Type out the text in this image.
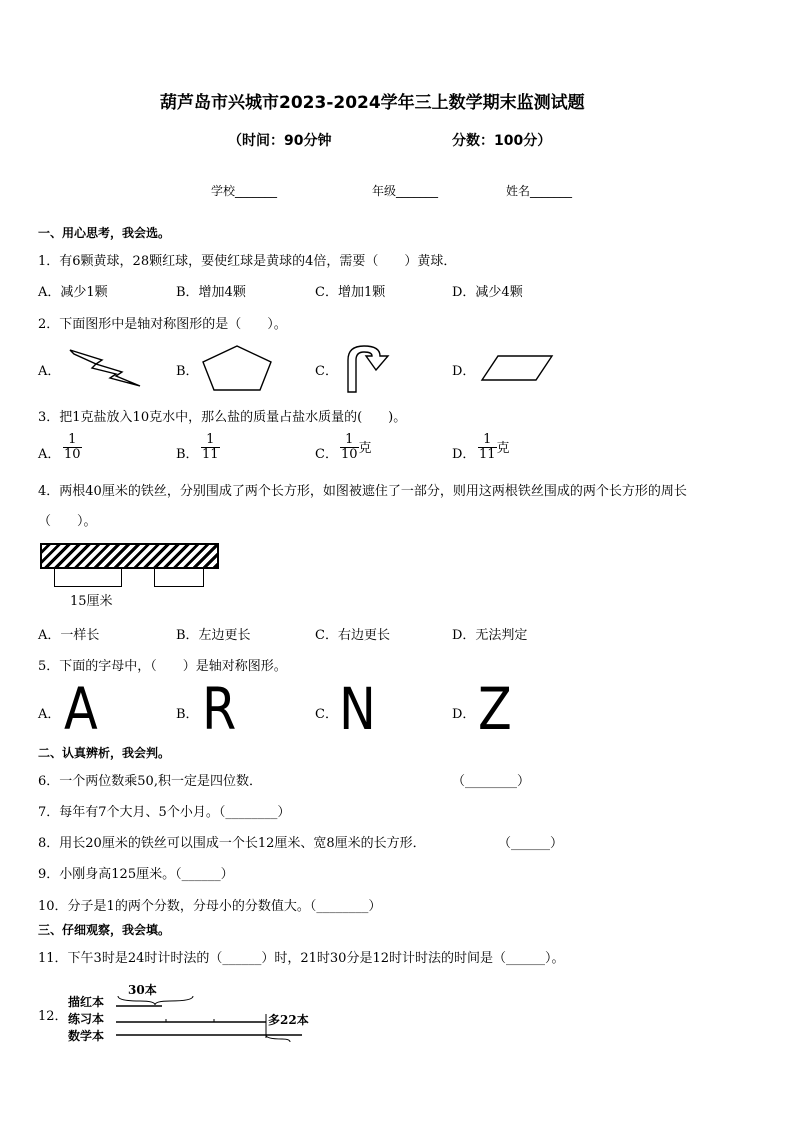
葫芦岛市兴城市2023-2024学年三上数学期末监测试题
（时间：90分钟	分数：100分）
学校_______	年级_______	姓名_______
一、用心思考，我会选。
1．有6颗黄球，28颗红球，要使红球是黄球的4倍，需要（　　）黄球．
A．减少1颗	B．增加4颗	C．增加1颗	D．减少4颗
2．下面图形中是轴对称图形的是（　　）。
A．	B．	C．	D．
3．把1克盐放入10克水中，那么盐的质量占盐水质量的(　　)。
A． $\frac{1}{10}$	B． $\frac{1}{11}$	C． $\frac{1}{10}$ 克	D． $\frac{1}{11}$ 克
4．两根40厘米的铁丝，分别围成了两个长方形，如图被遮住了一部分，则用这两根铁丝围成的两个长方形的周长
（　　）。
15厘米
A．一样长	B．左边更长	C．右边更长	D．无法判定
5．下面的字母中，（　　）是轴对称图形。
A． A	B． R	C． N	D． Z
二、认真辨析，我会判。
6．一个两位数乘50,积一定是四位数．	（________）
7．每年有7个大月、5个小月。（________）
8．用长20厘米的铁丝可以围成一个长12厘米、宽8厘米的长方形．	（______）
9．小刚身高125厘米。（______）
10．分子是1的两个分数，分母小的分数值大。（________）
三、仔细观察，我会填。
11．下午3时是24时计时法的（______）时，21时30分是12时计时法的时间是（______）。
12．
描红本
练习本
数学本
30本
多22本
